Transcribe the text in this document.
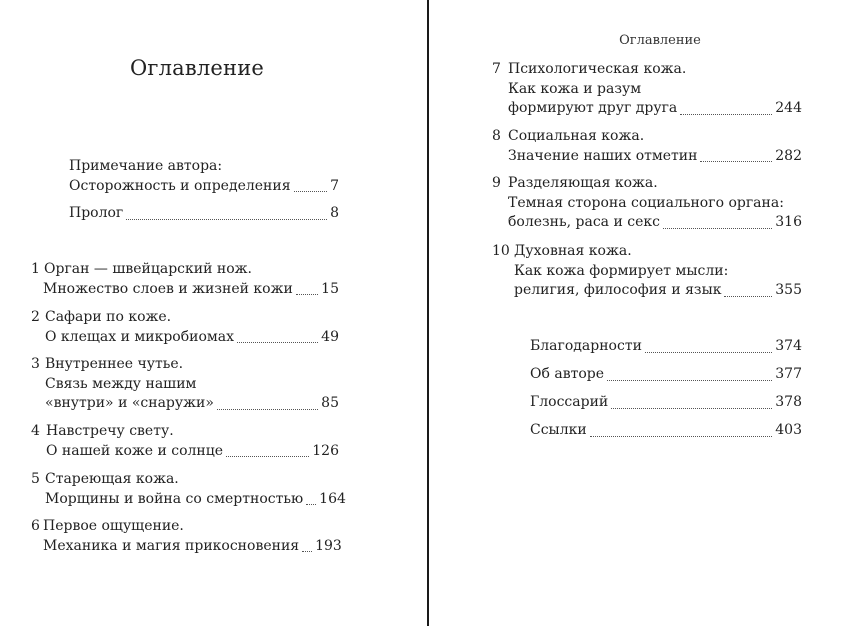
Оглавление
Примечание автора:
Осторожность и определения	7
Пролог	8
1 Орган — швейцарский нож.
Множество слоев и жизней кожи 15
2 Сафари по коже.
О клещах и микробиомах	49
3 Внутреннее чутье.
Связь между нашим
«внутри» и «снаружи»	85
4 Навстречу свету.
О нашей коже и солнце	126
5 Стареющая кожа.
Морщины и война со смертностью 164
6 Первое ощущение.
Механика и магия прикосновения 193
Оглавление
7 Психологическая кожа.
Как кожа и разум
формируют друг друга	244
8 Социальная кожа.
Значение наших отметин	282
9 Разделяющая кожа.
Темная сторона социального органа:
болезнь, раса и секс	316
10 Духовная кожа.
Как кожа формирует мысли:
религия, философия и язык	355
Благодарности	374
Об авторе	377
Глоссарий	378
Ссылки	403
